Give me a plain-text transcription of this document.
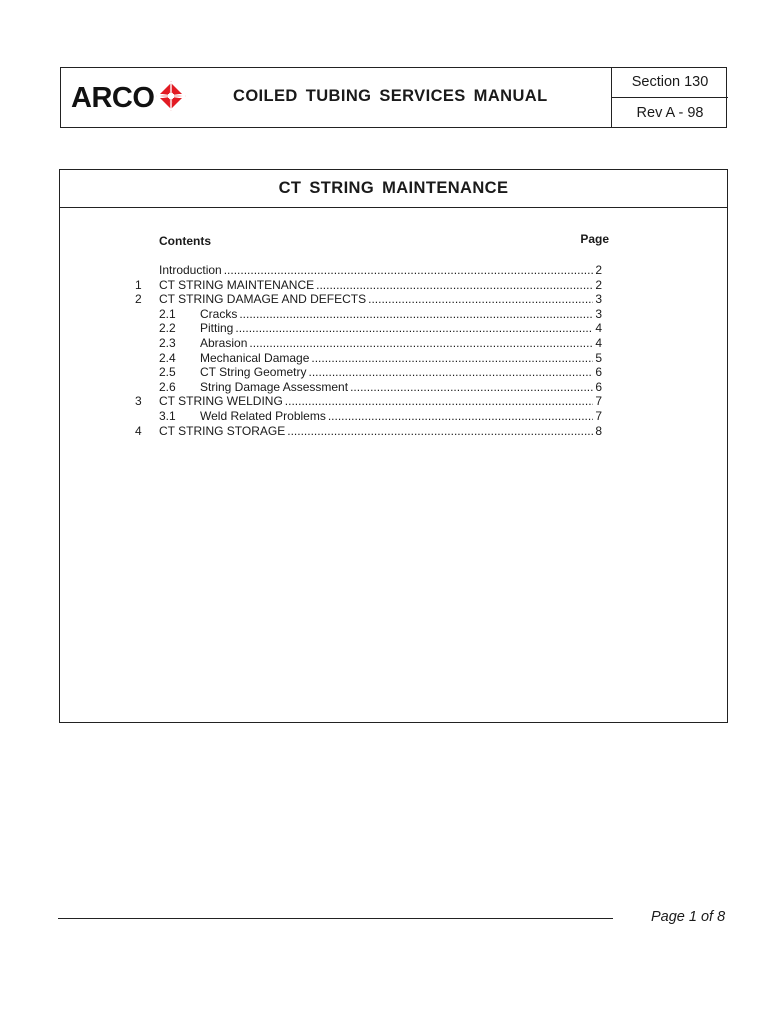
ARCO	COILED TUBING SERVICES MANUAL
Section 130
Rev A - 98
CT STRING MAINTENANCE
Contents	Page
Introduction .....	2
1 CT STRING MAINTENANCE .....	2
2 CT STRING DAMAGE AND DEFECTS .....	3
2.1 Cracks .....	3
2.2 Pitting .....	4
2.3 Abrasion .....	4
2.4 Mechanical Damage .....	5
2.5 CT String Geometry .....	6
2.6 String Damage Assessment .....	6
3 CT STRING WELDING .....	7
3.1 Weld Related Problems .....	7
4 CT STRING STORAGE .....	8
Page 1 of 8
